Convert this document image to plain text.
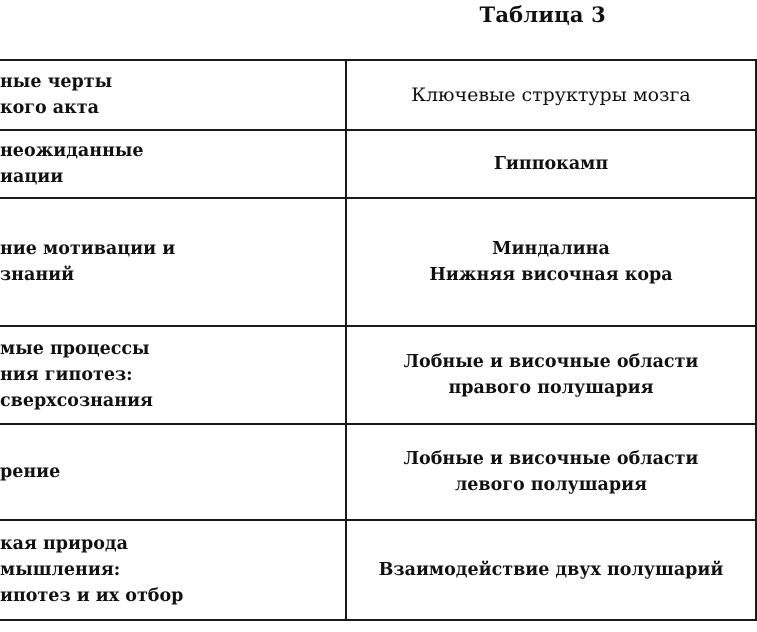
Таблица 3
ные черты
кого акта	Ключевые структуры мозга

неожиданные
иации	Гиппокамп

ние мотивации и
знаний	Миндалина
Нижняя височная кора

мые процессы
ния гипотез:
сверхсознания	Лобные и височные области
правого полушария

рение	Лобные и височные области
левого полушария

кая природа
мышления:
ипотез и их отбор	Взаимодействие двух полушарий
